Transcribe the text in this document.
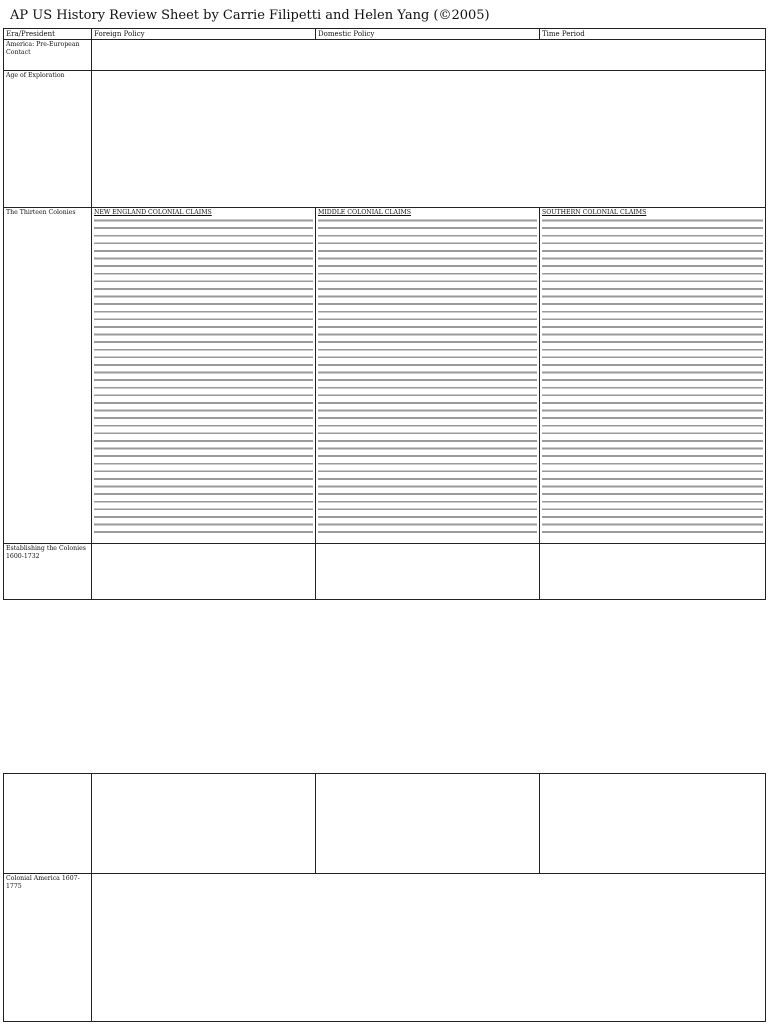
AP US History Review Sheet by Carrie Filipetti and Helen Yang (©2005)
Era/President	Foreign Policy	Domestic Policy	Time Period
America: Pre-European Contact			

Age of Exploration			

The Thirteen Colonies	NEW ENGLAND COLONIAL CLAIMS	MIDDLE COLONIAL CLAIMS	SOUTHERN COLONIAL CLAIMS

Establishing the Colonies 1600-1732	

Colonial America 1607-1775			
